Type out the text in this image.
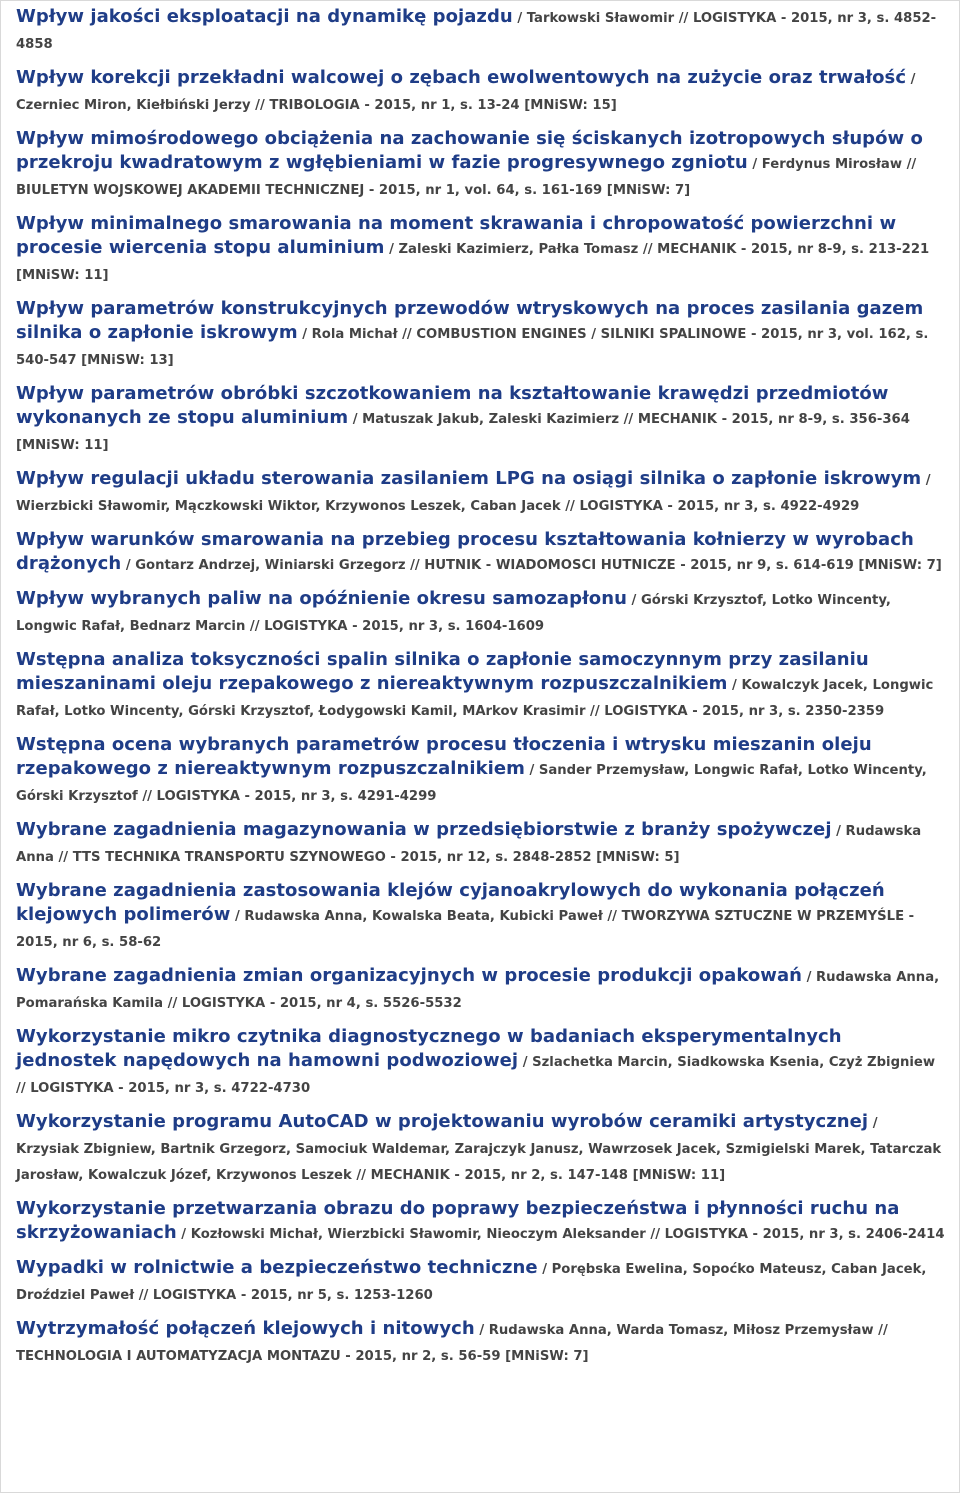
Wpływ jakości eksploatacji na dynamikę pojazdu / Tarkowski Sławomir // LOGISTYKA - 2015, nr 3, s. 4852-4858
Wpływ korekcji przekładni walcowej o zębach ewolwentowych na zużycie oraz trwałość / Czerniec Miron, Kiełbiński Jerzy // TRIBOLOGIA - 2015, nr 1, s. 13-24 [MNiSW: 15]
Wpływ mimośrodowego obciążenia na zachowanie się ściskanych izotropowych słupów o przekroju kwadratowym z wgłębieniami w fazie progresywnego zgniotu / Ferdynus Mirosław // BIULETYN WOJSKOWEJ AKADEMII TECHNICZNEJ - 2015, nr 1, vol. 64, s. 161-169 [MNiSW: 7]
Wpływ minimalnego smarowania na moment skrawania i chropowatość powierzchni w procesie wiercenia stopu aluminium / Zaleski Kazimierz, Pałka Tomasz // MECHANIK - 2015, nr 8-9, s. 213-221 [MNiSW: 11]
Wpływ parametrów konstrukcyjnych przewodów wtryskowych na proces zasilania gazem silnika o zapłonie iskrowym / Rola Michał // COMBUSTION ENGINES / SILNIKI SPALINOWE - 2015, nr 3, vol. 162, s. 540-547 [MNiSW: 13]
Wpływ parametrów obróbki szczotkowaniem na kształtowanie krawędzi przedmiotów wykonanych ze stopu aluminium / Matuszak Jakub, Zaleski Kazimierz // MECHANIK - 2015, nr 8-9, s. 356-364 [MNiSW: 11]
Wpływ regulacji układu sterowania zasilaniem LPG na osiągi silnika o zapłonie iskrowym / Wierzbicki Sławomir, Mączkowski Wiktor, Krzywonos Leszek, Caban Jacek // LOGISTYKA - 2015, nr 3, s. 4922-4929
Wpływ warunków smarowania na przebieg procesu kształtowania kołnierzy w wyrobach drążonych / Gontarz Andrzej, Winiarski Grzegorz // HUTNIK - WIADOMOSCI HUTNICZE - 2015, nr 9, s. 614-619 [MNiSW: 7]
Wpływ wybranych paliw na opóźnienie okresu samozapłonu / Górski Krzysztof, Lotko Wincenty, Longwic Rafał, Bednarz Marcin // LOGISTYKA - 2015, nr 3, s. 1604-1609
Wstępna analiza toksyczności spalin silnika o zapłonie samoczynnym przy zasilaniu mieszaninami oleju rzepakowego z niereaktywnym rozpuszczalnikiem / Kowalczyk Jacek, Longwic Rafał, Lotko Wincenty, Górski Krzysztof, Łodygowski Kamil, MArkov Krasimir // LOGISTYKA - 2015, nr 3, s. 2350-2359
Wstępna ocena wybranych parametrów procesu tłoczenia i wtrysku mieszanin oleju rzepakowego z niereaktywnym rozpuszczalnikiem / Sander Przemysław, Longwic Rafał, Lotko Wincenty, Górski Krzysztof // LOGISTYKA - 2015, nr 3, s. 4291-4299
Wybrane zagadnienia magazynowania w przedsiębiorstwie z branży spożywczej / Rudawska Anna // TTS TECHNIKA TRANSPORTU SZYNOWEGO - 2015, nr 12, s. 2848-2852 [MNiSW: 5]
Wybrane zagadnienia zastosowania klejów cyjanoakrylowych do wykonania połączeń klejowych polimerów / Rudawska Anna, Kowalska Beata, Kubicki Paweł // TWORZYWA SZTUCZNE W PRZEMYŚLE - 2015, nr 6, s. 58-62
Wybrane zagadnienia zmian organizacyjnych w procesie produkcji opakowań / Rudawska Anna, Pomarańska Kamila // LOGISTYKA - 2015, nr 4, s. 5526-5532
Wykorzystanie mikro czytnika diagnostycznego w badaniach eksperymentalnych jednostek napędowych na hamowni podwoziowej / Szlachetka Marcin, Siadkowska Ksenia, Czyż Zbigniew // LOGISTYKA - 2015, nr 3, s. 4722-4730
Wykorzystanie programu AutoCAD w projektowaniu wyrobów ceramiki artystycznej / Krzysiak Zbigniew, Bartnik Grzegorz, Samociuk Waldemar, Zarajczyk Janusz, Wawrzosek Jacek, Szmigielski Marek, Tatarczak Jarosław, Kowalczuk Józef, Krzywonos Leszek // MECHANIK - 2015, nr 2, s. 147-148 [MNiSW: 11]
Wykorzystanie przetwarzania obrazu do poprawy bezpieczeństwa i płynności ruchu na skrzyżowaniach / Kozłowski Michał, Wierzbicki Sławomir, Nieoczym Aleksander // LOGISTYKA - 2015, nr 3, s. 2406-2414
Wypadki w rolnictwie a bezpieczeństwo techniczne / Porębska Ewelina, Sopoćko Mateusz, Caban Jacek, Droździel Paweł // LOGISTYKA - 2015, nr 5, s. 1253-1260
Wytrzymałość połączeń klejowych i nitowych / Rudawska Anna, Warda Tomasz, Miłosz Przemysław // TECHNOLOGIA I AUTOMATYZACJA MONTAZU - 2015, nr 2, s. 56-59 [MNiSW: 7]
